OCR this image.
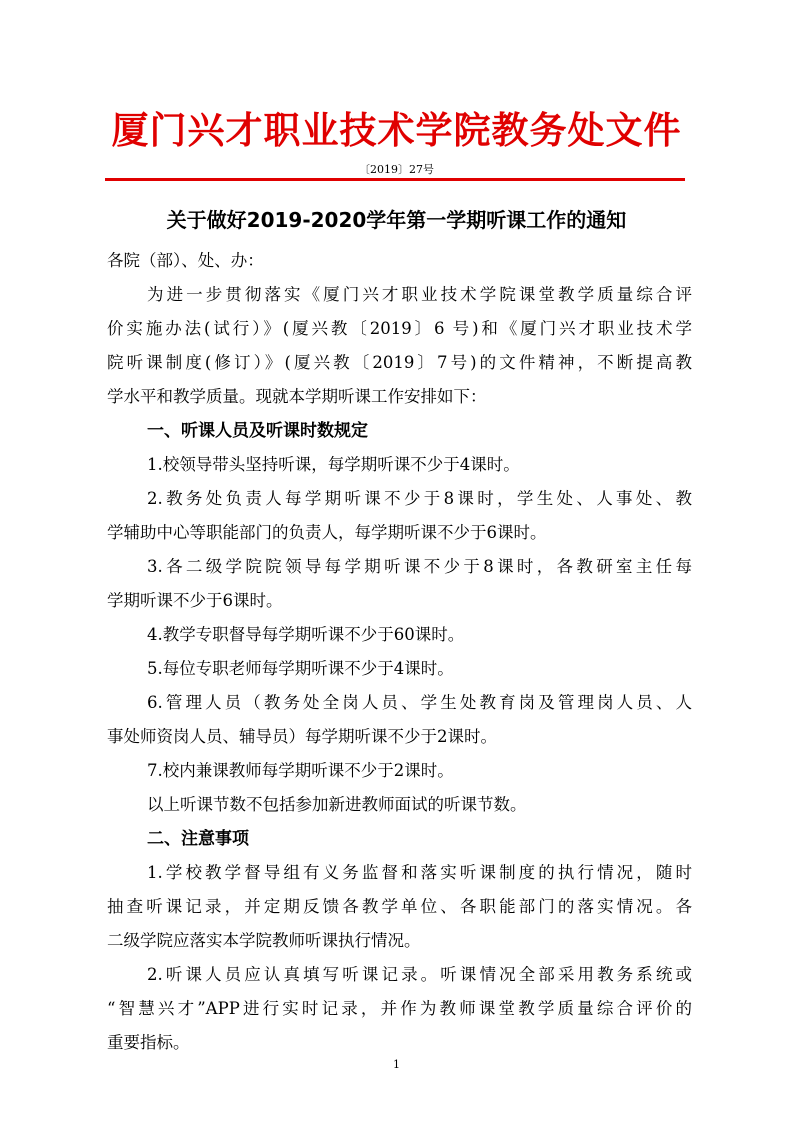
厦门兴才职业技术学院教务处文件
〔2019〕27号
关于做好2019-2020学年第一学期听课工作的通知
各院（部）、处、办：
为进一步贯彻落实《厦门兴才职业技术学院课堂教学质量综合评
价实施办法(试行）》(厦兴教〔2019〕6 号)和《厦门兴才职业技术学
院听课制度(修订）》(厦兴教〔2019〕7号)的文件精神，不断提高教
学水平和教学质量。现就本学期听课工作安排如下：
一、听课人员及听课时数规定
1.校领导带头坚持听课，每学期听课不少于4课时。
2.教务处负责人每学期听课不少于8课时，学生处、人事处、教
学辅助中心等职能部门的负责人，每学期听课不少于6课时。
3.各二级学院院领导每学期听课不少于8课时，各教研室主任每
学期听课不少于6课时。
4.教学专职督导每学期听课不少于60课时。
5.每位专职老师每学期听课不少于4课时。
6.管理人员（教务处全岗人员、学生处教育岗及管理岗人员、人
事处师资岗人员、辅导员）每学期听课不少于2课时。
7.校内兼课教师每学期听课不少于2课时。
以上听课节数不包括参加新进教师面试的听课节数。
二、注意事项
1.学校教学督导组有义务监督和落实听课制度的执行情况，随时
抽查听课记录，并定期反馈各教学单位、各职能部门的落实情况。各
二级学院应落实本学院教师听课执行情况。
2.听课人员应认真填写听课记录。听课情况全部采用教务系统或
“智慧兴才”APP进行实时记录，并作为教师课堂教学质量综合评价的
重要指标。
1
